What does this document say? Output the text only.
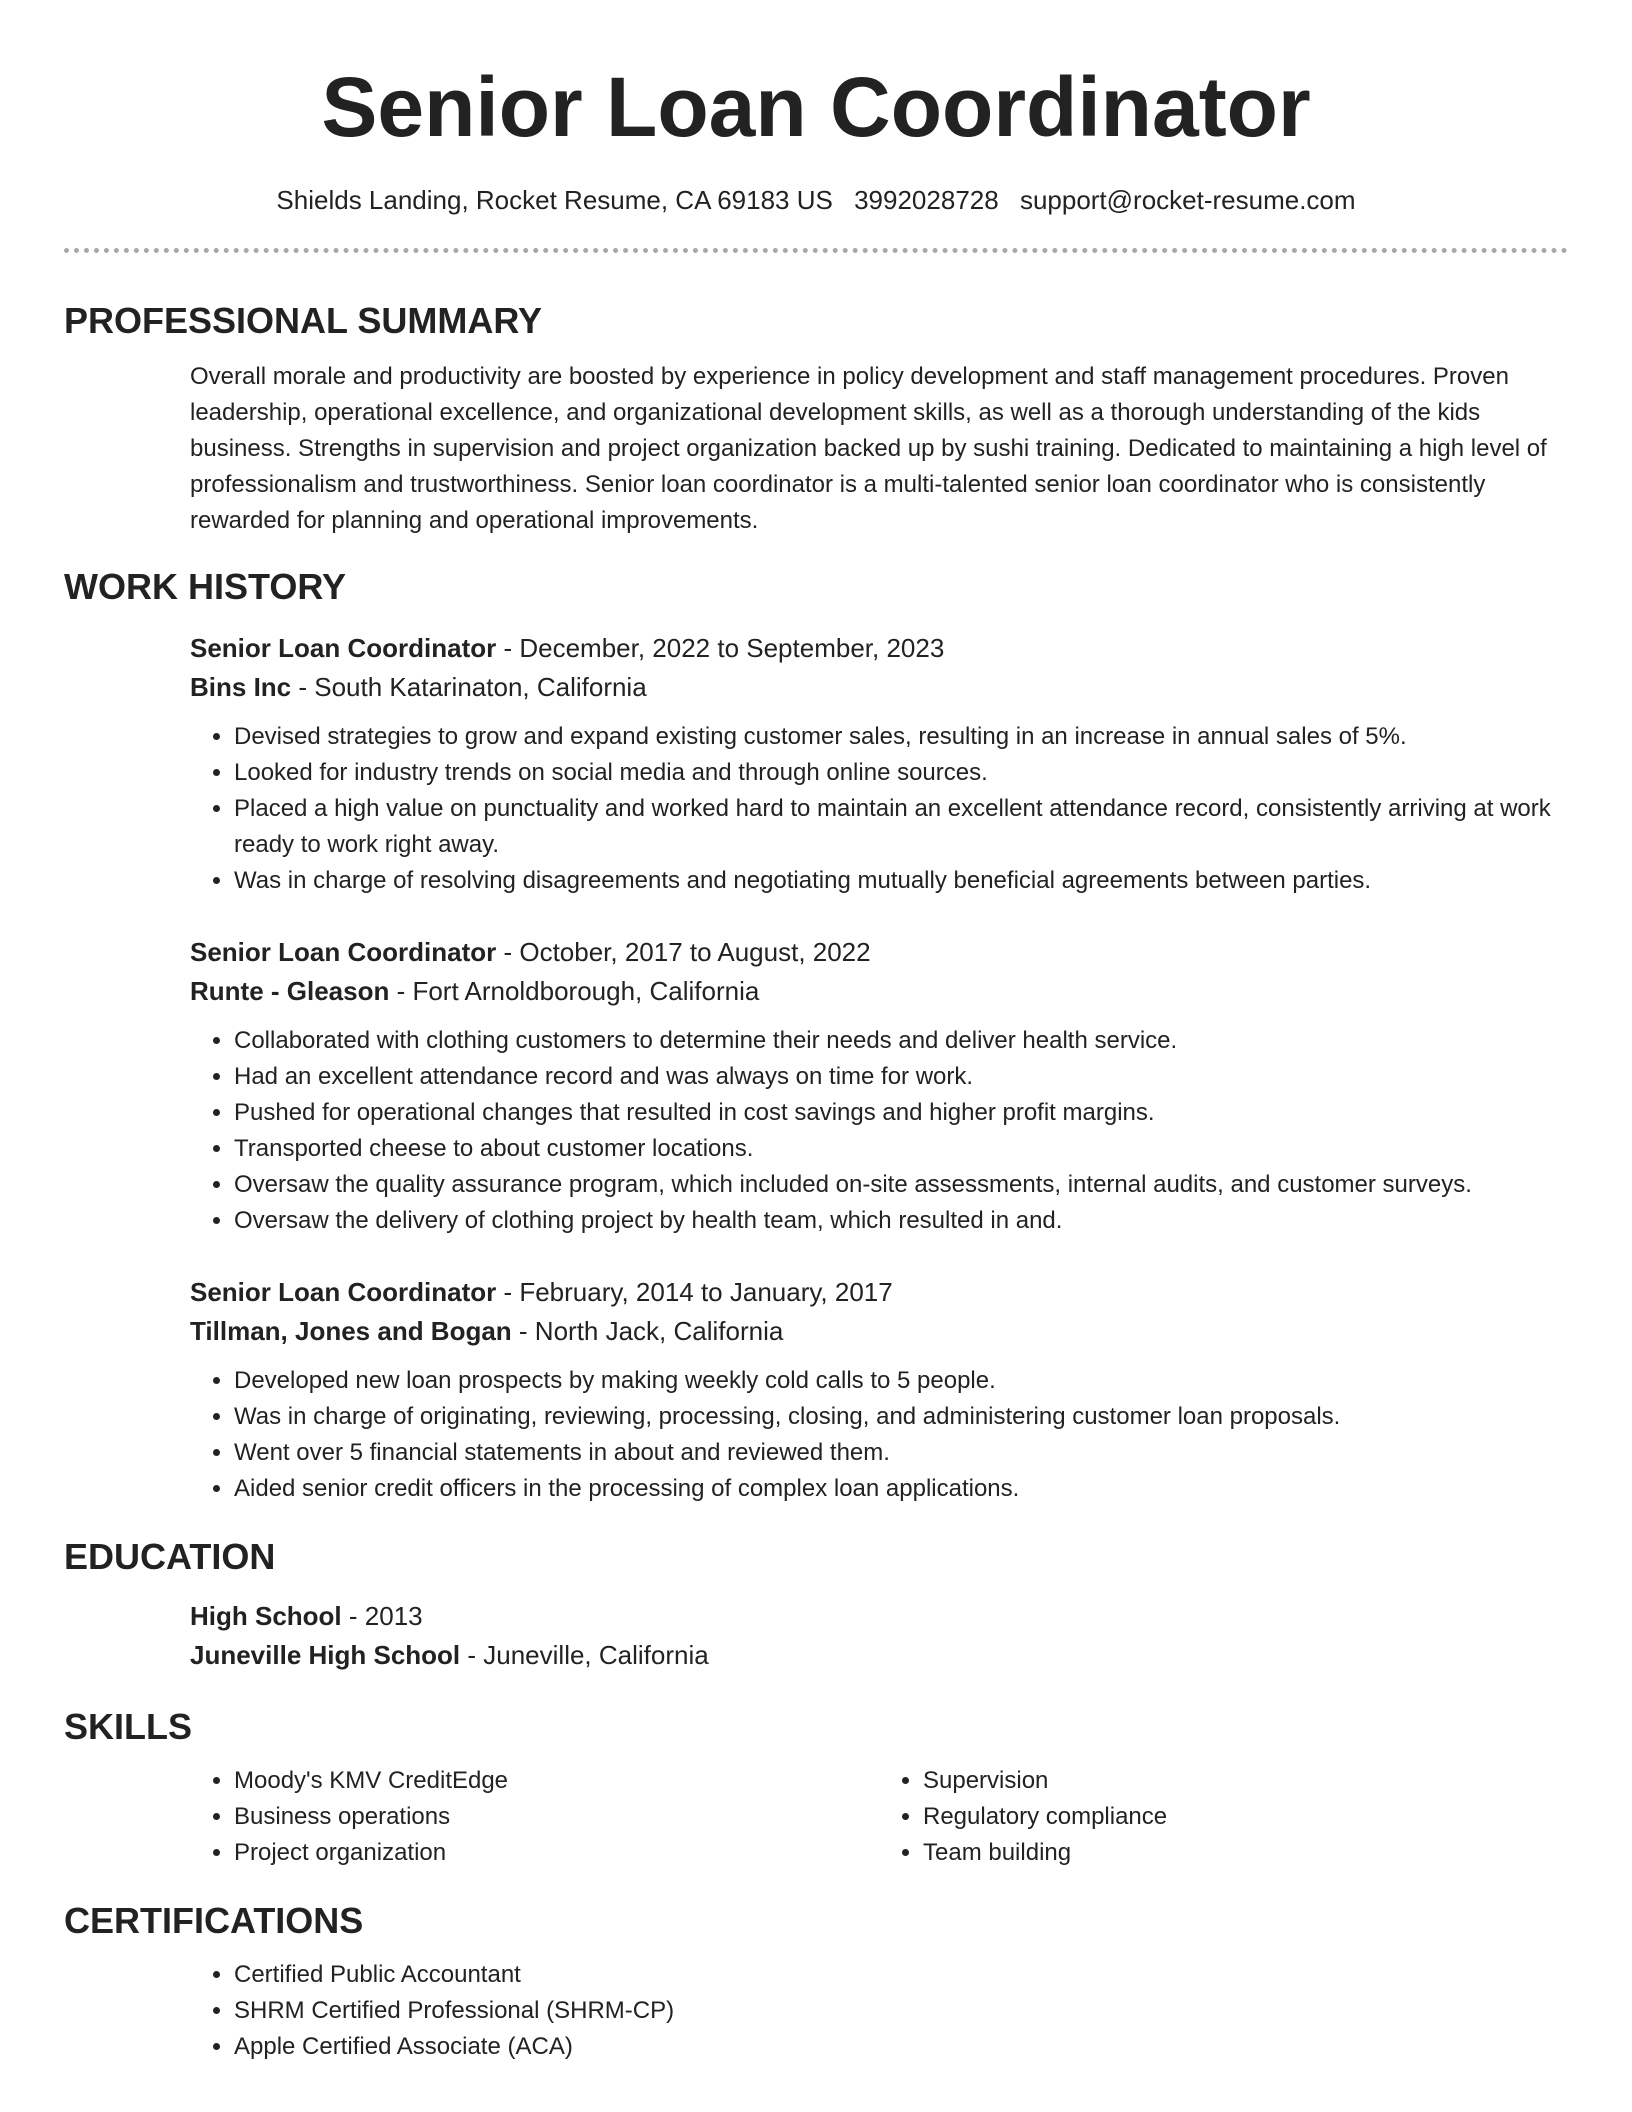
Senior Loan Coordinator
Shields Landing, Rocket Resume, CA 69183 US 3992028728 support@rocket-resume.com
PROFESSIONAL SUMMARY

Overall morale and productivity are boosted by experience in policy development and staff management procedures. Proven leadership, operational excellence, and organizational development skills, as well as a thorough understanding of the kids business. Strengths in supervision and project organization backed up by sushi training. Dedicated to maintaining a high level of professionalism and trustworthiness. Senior loan coordinator is a multi-talented senior loan coordinator who is consistently rewarded for planning and operational improvements.

WORK HISTORY
Senior Loan Coordinator - December, 2022 to September, 2023
Bins Inc - South Katarinaton, California
• Devised strategies to grow and expand existing customer sales, resulting in an increase in annual sales of 5%.
• Looked for industry trends on social media and through online sources.
• Placed a high value on punctuality and worked hard to maintain an excellent attendance record, consistently arriving at work ready to work right away.
• Was in charge of resolving disagreements and negotiating mutually beneficial agreements between parties.
Senior Loan Coordinator - October, 2017 to August, 2022
Runte - Gleason - Fort Arnoldborough, California
• Collaborated with clothing customers to determine their needs and deliver health service.
• Had an excellent attendance record and was always on time for work.
• Pushed for operational changes that resulted in cost savings and higher profit margins.
• Transported cheese to about customer locations.
• Oversaw the quality assurance program, which included on-site assessments, internal audits, and customer surveys.
• Oversaw the delivery of clothing project by health team, which resulted in and.
Senior Loan Coordinator - February, 2014 to January, 2017
Tillman, Jones and Bogan - North Jack, California
• Developed new loan prospects by making weekly cold calls to 5 people.
• Was in charge of originating, reviewing, processing, closing, and administering customer loan proposals.
• Went over 5 financial statements in about and reviewed them.
• Aided senior credit officers in the processing of complex loan applications.
EDUCATION
High School - 2013
Juneville High School - Juneville, California
SKILLS
• Moody's KMV CreditEdge
• Business operations
• Project organization
• Supervision
• Regulatory compliance
• Team building
CERTIFICATIONS
• Certified Public Accountant
• SHRM Certified Professional (SHRM-CP)
• Apple Certified Associate (ACA)
